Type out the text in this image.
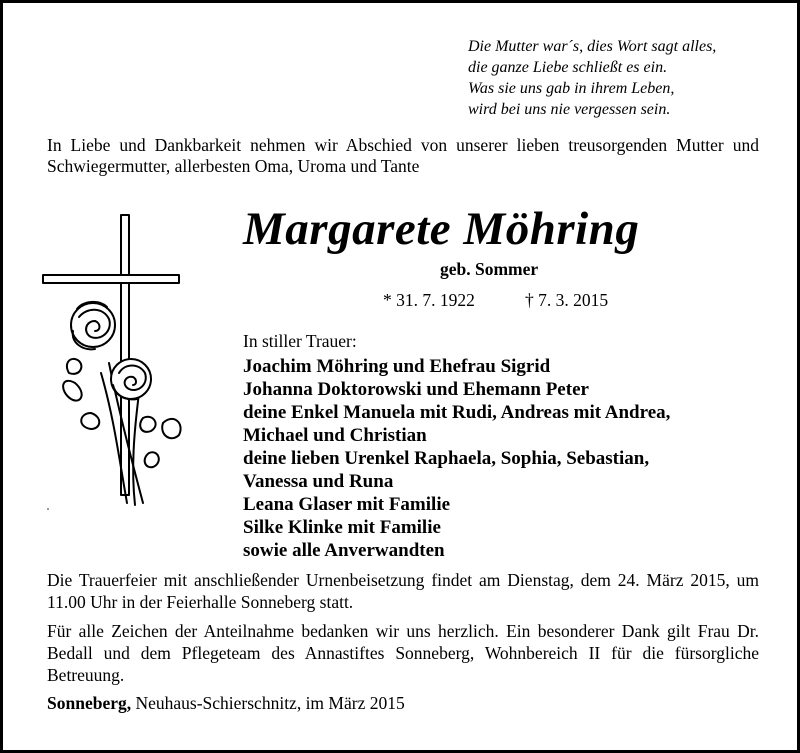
Die Mutter war´s, dies Wort sagt alles,
die ganze Liebe schließt es ein.
Was sie uns gab in ihrem Leben,
wird bei uns nie vergessen sein.
In Liebe und Dankbarkeit nehmen wir Abschied von unserer lieben treusorgenden Mutter und Schwiegermutter, allerbesten Oma, Uroma und Tante
Margarete Möhring
geb. Sommer
* 31. 7. 1922	† 7. 3. 2015
In stiller Trauer:
Joachim Möhring und Ehefrau Sigrid
Johanna Doktorowski und Ehemann Peter
deine Enkel Manuela mit Rudi, Andreas mit Andrea,
Michael und Christian
deine lieben Urenkel Raphaela, Sophia, Sebastian,
Vanessa und Runa
Leana Glaser mit Familie
Silke Klinke mit Familie
sowie alle Anverwandten
Die Trauerfeier mit anschließender Urnenbeisetzung findet am Dienstag, dem 24. März 2015, um 11.00 Uhr in der Feierhalle Sonneberg statt.
Für alle Zeichen der Anteilnahme bedanken wir uns herzlich. Ein besonderer Dank gilt Frau Dr. Bedall und dem Pflegeteam des Annastiftes Sonneberg, Wohnbereich II für die fürsorgliche Betreuung.
Sonneberg, Neuhaus-Schierschnitz, im März 2015
